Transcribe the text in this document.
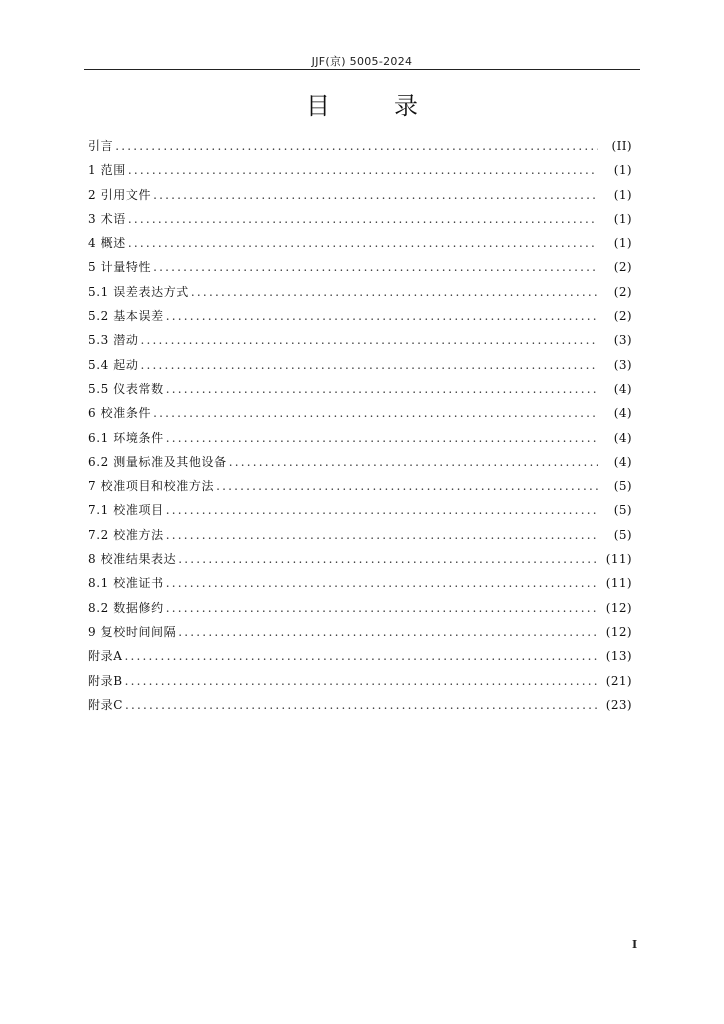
JJF(京) 5005-2024
目	录
引言 .....	(II)
1 范围 .....	(1)
2 引用文件 .....	(1)
3 术语 .....	(1)
4 概述 .....	(1)
5 计量特性 .....	(2)
5.1 误差表达方式 .....	(2)
5.2 基本误差 .....	(2)
5.3 潜动 .....	(3)
5.4 起动 .....	(3)
5.5 仪表常数 .....	(4)
6 校准条件 .....	(4)
6.1 环境条件 .....	(4)
6.2 测量标准及其他设备 .....	(4)
7 校准项目和校准方法 .....	(5)
7.1 校准项目 .....	(5)
7.2 校准方法 .....	(5)
8 校准结果表达 .....	(11)
8.1 校准证书 .....	(11)
8.2 数据修约 .....	(12)
9 复校时间间隔 .....	(12)
附录A .....	(13)
附录B .....	(21)
附录C .....	(23)
I
